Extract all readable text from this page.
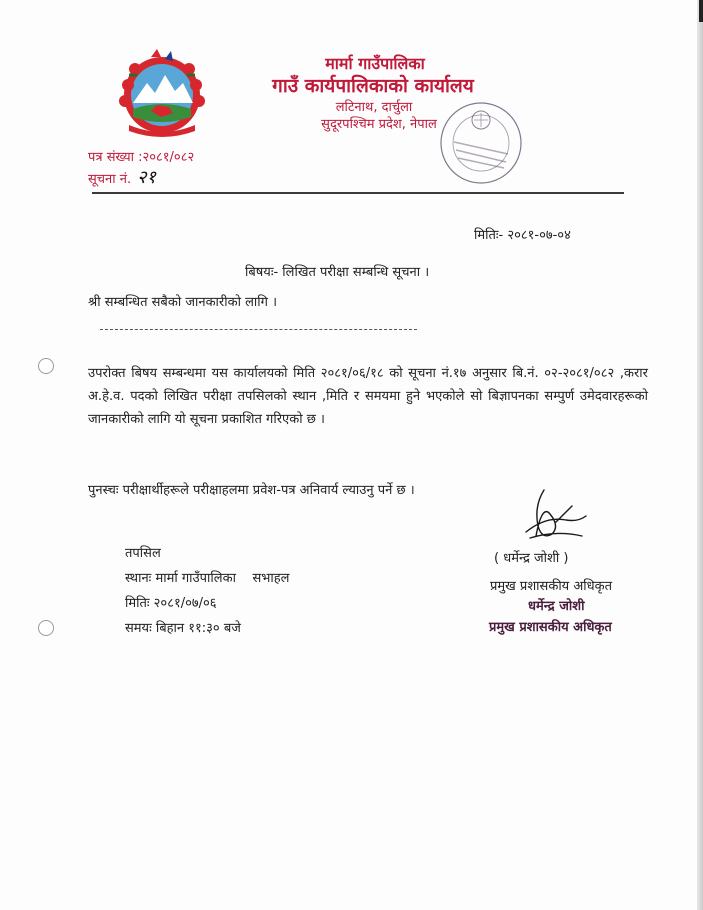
मार्मा गाउँपालिका
गाउँ कार्यपालिकाको कार्यालय
लटिनाथ, दार्चुला
सुदूरपश्चिम प्रदेश, नेपाल
पत्र संख्या :२०८१/०८२
सूचना नं. २१
मितिः- २०८१-०७-०४
बिषयः- लिखित परीक्षा सम्बन्धि सूचना ।
श्री सम्बन्धित सबैको जानकारीको लागि ।
उपरोक्त बिषय सम्बन्धमा यस कार्यालयको मिति २०८१/०६/१८ को सूचना नं.१७ अनुसार बि.नं. ०२-२०८१/०८२ ,करार अ.हे.व. पदको लिखित परीक्षा तपसिलको स्थान ,मिति र समयमा हुने भएकोले सो बिज्ञापनका सम्पुर्ण उमेदवारहरूको जानकारीको लागि यो सूचना प्रकाशित गरिएको छ ।
पुनस्चः परीक्षार्थीहरूले परीक्षाहलमा प्रवेश-पत्र अनिवार्य ल्याउनु पर्ने छ ।
तपसिल
स्थानः मार्मा गाउँपालिका    सभाहल
मितिः २०८१/०७/०६
समयः बिहान ११:३० बजे
( धर्मेन्द्र जोशी )
प्रमुख प्रशासकीय अधिकृत
धर्मेन्द्र जोशी
प्रमुख प्रशासकीय अधिकृत
